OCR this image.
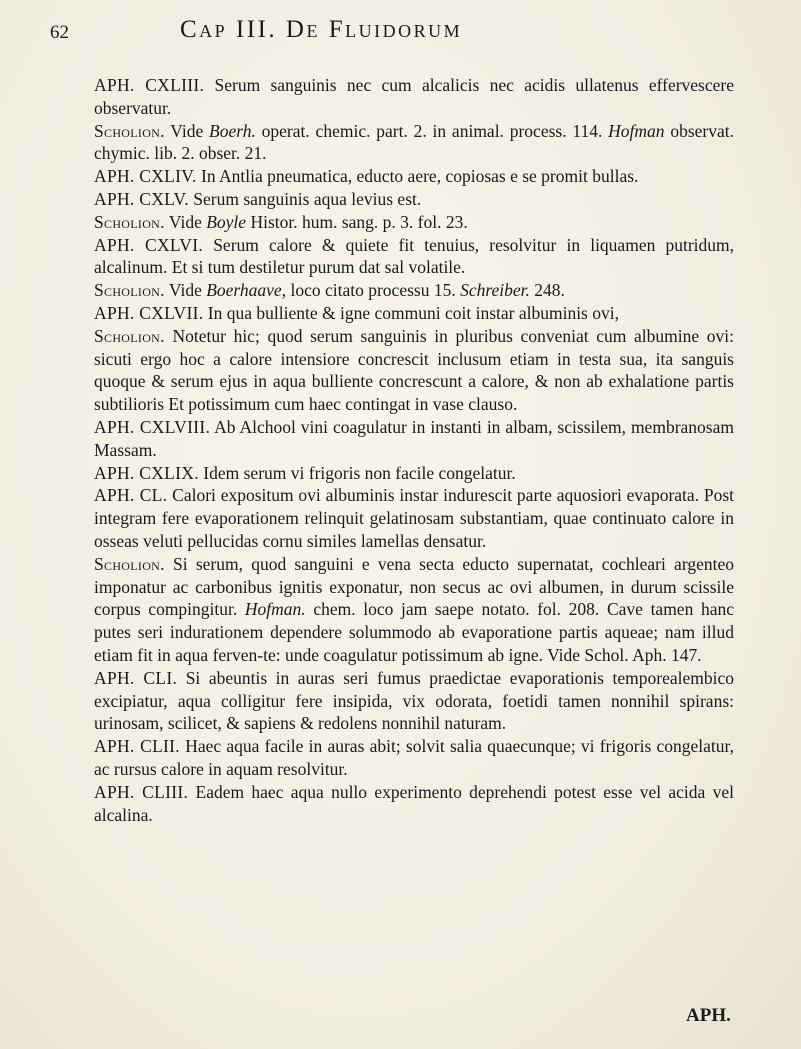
62	Cap III. De Fluidorum

APH. CXLIII. Serum sanguinis nec cum alcalicis nec acidis ullatenus effervescere observatur.

Scholion. Vide Boerh. operat. chemic. part. 2. in animal. process. 114. Hofman observat. chymic. lib. 2. obser. 21.

APH. CXLIV. In Antlia pneumatica, educto aere, copiosas e se promit bullas.

APH. CXLV. Serum sanguinis aqua levius est.

Scholion. Vide Boyle Histor. hum. sang. p. 3. fol. 23.

APH. CXLVI. Serum calore & quiete fit tenuius, resolvitur in liquamen putridum, alcalinum. Et si tum destiletur purum dat sal volatile.

Scholion. Vide Boerhaave, loco citato processu 15. Schreiber. 248.

APH. CXLVII. In qua bulliente & igne communi coit instar albuminis ovi,

Scholion. Notetur hic; quod serum sanguinis in pluribus conveniat cum albumine ovi: sicuti ergo hoc a calore intensiore concrescit inclusum etiam in testa sua, ita sanguis quoque & serum ejus in aqua bulliente concrescunt a calore, & non ab exhalatione partis subtilioris Et potissimum cum haec contingat in vase clauso.

APH. CXLVIII. Ab Alchool vini coagulatur in instanti in albam, scissilem, membranosam Massam.

APH. CXLIX. Idem serum vi frigoris non facile congelatur.

APH. CL. Calori expositum ovi albuminis instar indurescit parte aquosiori evaporata. Post integram fere evaporationem relinquit gelatinosam substantiam, quae continuato calore in osseas veluti pellucidas cornu similes lamellas densatur.

Scholion. Si serum, quod sanguini e vena secta educto supernatat, cochleari argenteo imponatur ac carbonibus ignitis exponatur, non secus ac ovi albumen, in durum scissile corpus compingitur. Hofman. chem. loco jam saepe notato. fol. 208. Cave tamen hanc putes seri indurationem dependere solummodo ab evaporatione partis aqueae; nam illud etiam fit in aqua ferven-te: unde coagulatur potissimum ab igne. Vide Schol. Aph. 147.

APH. CLI. Si abeuntis in auras seri fumus praedictae evaporationis temporealembico excipiatur, aqua colligitur fere insipida, vix odorata, foetidi tamen nonnihil spirans: urinosam, scilicet, & sapiens & redolens nonnihil naturam.

APH. CLII. Haec aqua facile in auras abit; solvit salia quaecunque; vi frigoris congelatur, ac rursus calore in aquam resolvitur.

APH. CLIII. Eadem haec aqua nullo experimento deprehendi potest esse vel acida vel alcalina.

APH.
